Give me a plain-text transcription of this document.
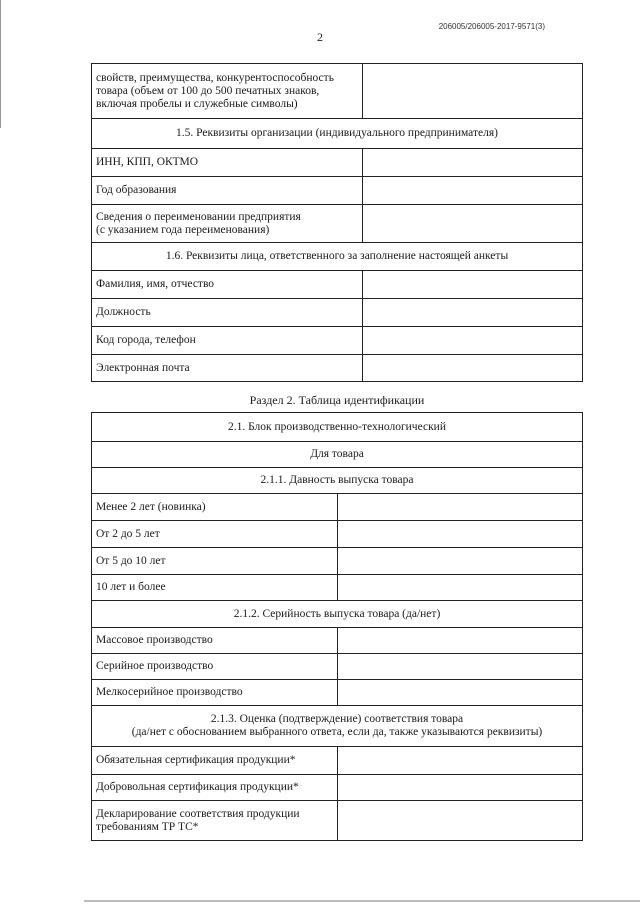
206005/206005-2017-9571(3)
2
свойств, преимущества, конкурентоспособность
товара (объем от 100 до 500 печатных знаков,
включая пробелы и служебные символы)	

1.5. Реквизиты организации (индивидуального предпринимателя)	
ИНН, КПП, ОКТМО	
Год образования	

Сведения о переименовании предприятия
(с указанием года переименования)	

1.6. Реквизиты лица, ответственного за заполнение настоящей анкеты	
Фамилия, имя, отчество	
Должность	
Код города, телефон	
Электронная почта	
Раздел 2. Таблица идентификации
2.1. Блок производственно-технологический	
Для товара	
2.1.1. Давность выпуска товара	
Менее 2 лет (новинка)	
От 2 до 5 лет	
От 5 до 10 лет	
10 лет и более	
2.1.2. Серийность выпуска товара (да/нет)	
Массовое производство	
Серийное производство	
Мелкосерийное производство	

2.1.3. Оценка (подтверждение) соответствия товара
(да/нет с обоснованием выбранного ответа, если да, также указываются реквизиты)	

Обязательная сертификация продукции*	
Добровольная сертификация продукции*	

Декларирование соответствия продукции
требованиям ТР ТС*	
